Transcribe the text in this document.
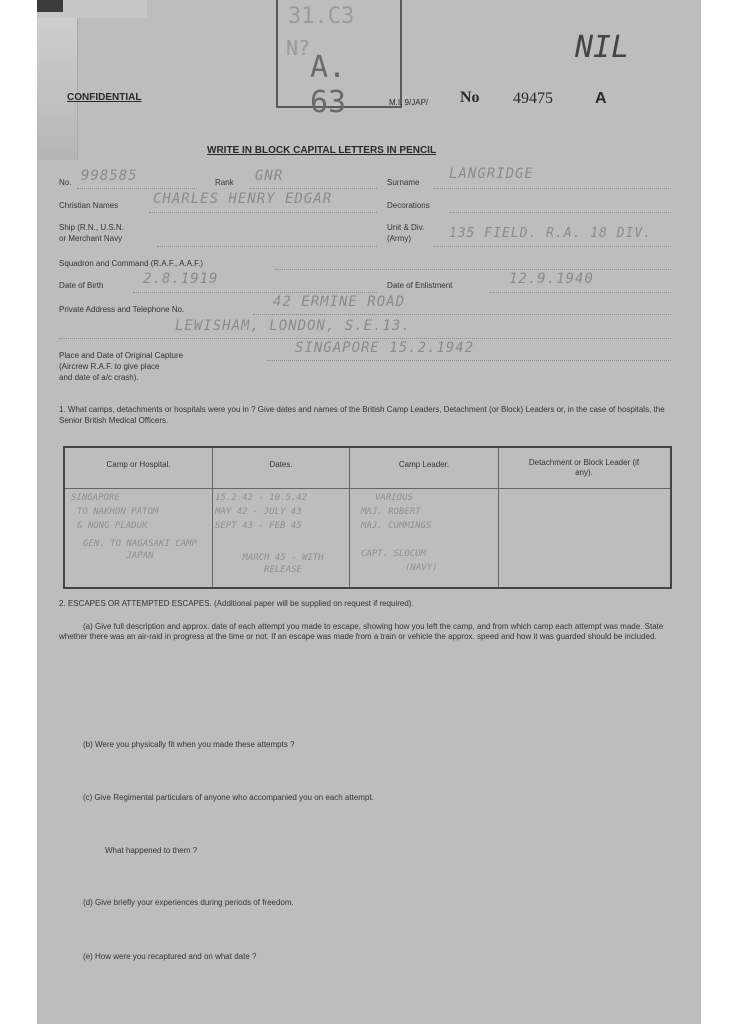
31.C3
N?
A. 63
NIL
CONFIDENTIAL	M.I. 9/JAP/ No 49475	A
WRITE IN BLOCK CAPITAL LETTERS IN PENCIL
No. 998585	Rank GNR	Surname
LANGRIDGE
Christian Names CHARLES HENRY EDGAR	Decorations
Ship (R.N., U.S.N.
or Merchant Navy
Unit & Div.
(Army)	135 FIELD. R.A. 18 DIV.
Squadron and Command (R.A.F., A.A.F.)
Date of Birth	2.8.1919	Date of Enlistment	12.9.1940
Private Address and Telephone No.	42 ERMINE ROAD
LEWISHAM, LONDON, S.E.13.
Place and Date of Original Capture
(Aircrew R.A.F. to give place
and date of a/c crash).
SINGAPORE 15.2.1942
1. What camps, detachments or hospitals were you in ? Give dates and names of the British Camp Leaders, Detachment (or Block) Leaders or, in the case of hospitals, the Senior British Medical Officers.
Camp or Hospital.	Dates.	Camp Leader.	Detachment or Block Leader (if any).
SINGAPORE	15.2.42 - 10.5.42	VARIOUS
TO NAKHON PATOM	MAY 42 - JULY 43	MAJ. ROBERT
& NONG PLADUK	SEPT 43 - FEB 45	MAJ. CUMMINGS
GEN. TO NAGASAKI CAMP JAPAN	MARCH 45 - WITH RELEASE
CAPT. SLOCUM
(NAVY)
2. ESCAPES OR ATTEMPTED ESCAPES. (Additional paper will be supplied on request if required).
(a) Give full description and approx. date of each attempt you made to escape, showing how you left the camp, and from which camp each attempt was made. State whether there was an air-raid in progress at the time or not. If an escape was made from a train or vehicle the approx. speed and how it was guarded should be included.
(b) Were you physically fit when you made these attempts ?
(c) Give Regimental particulars of anyone who accompanied you on each attempt.
What happened to them ?
(d) Give briefly your experiences during periods of freedom.
(e) How were you recaptured and on what date ?
